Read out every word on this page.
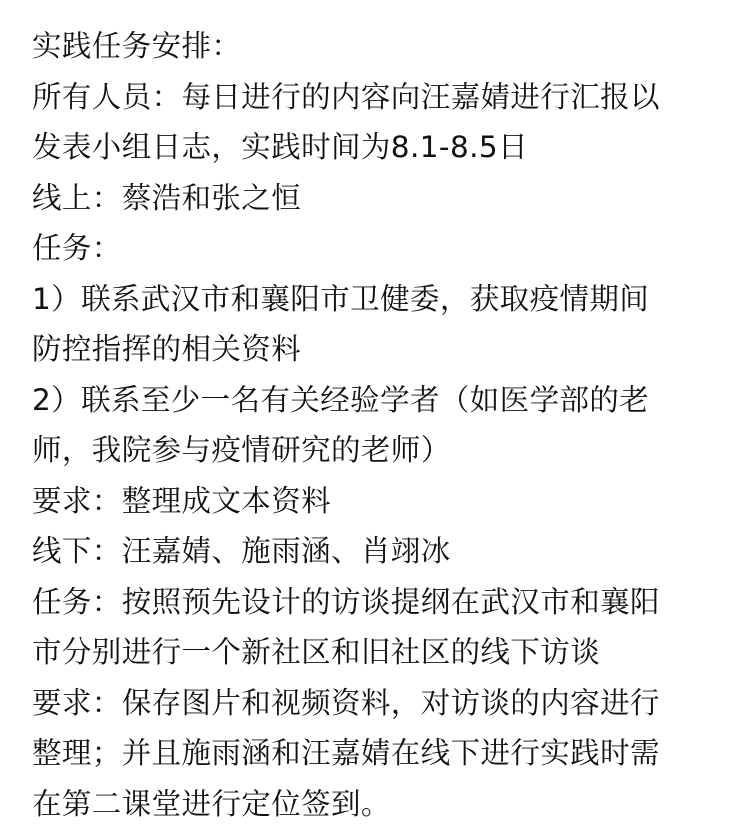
实践任务安排：
所有人员：每日进行的内容向汪嘉婧进行汇报以
发表小组日志，实践时间为8.1-8.5日
线上：蔡浩和张之恒
任务：
1）联系武汉市和襄阳市卫健委，获取疫情期间
防控指挥的相关资料
2）联系至少一名有关经验学者（如医学部的老
师，我院参与疫情研究的老师）
要求：整理成文本资料
线下：汪嘉婧、施雨涵、肖翊冰
任务：按照预先设计的访谈提纲在武汉市和襄阳
市分别进行一个新社区和旧社区的线下访谈
要求：保存图片和视频资料，对访谈的内容进行
整理；并且施雨涵和汪嘉婧在线下进行实践时需
在第二课堂进行定位签到。
